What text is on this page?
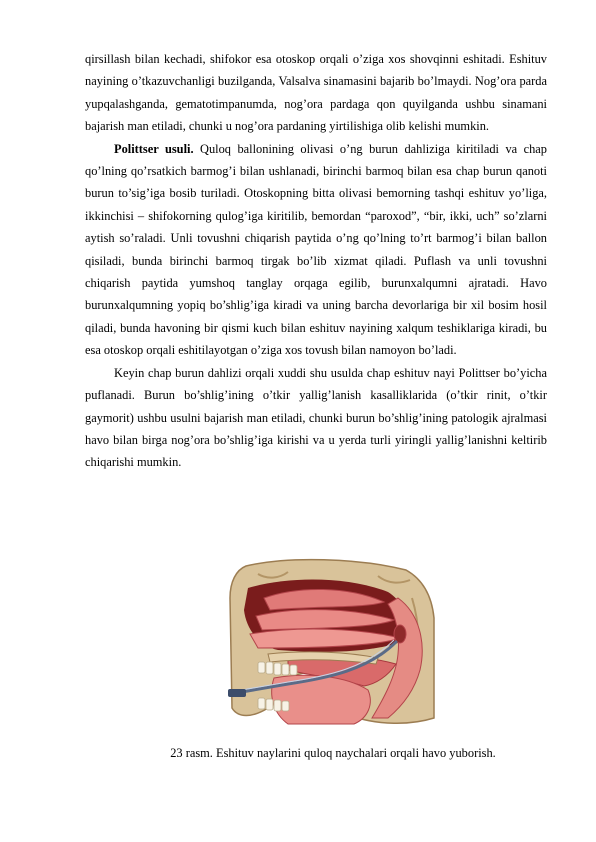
qirsillash bilan kechadi, shifokor esa otoskop orqali o’ziga xos shovqinni eshitadi. Eshituv nayining o’tkazuvchanligi buzilganda, Valsalva sinamasini bajarib bo’lmaydi. Nog’ora parda yupqalashganda, gematotimpanumda, nog’ora pardaga qon quyilganda ushbu sinamani bajarish man etiladi, chunki u nog’ora pardaning yirtilishiga olib kelishi mumkin.

Polittser usuli. Quloq ballonining olivasi o’ng burun dahliziga kiritiladi va chap qo’lning qo’rsatkich barmog’i bilan ushlanadi, birinchi barmoq bilan esa chap burun qanoti burun to’sig’iga bosib turiladi. Otoskopning bitta olivasi bemorning tashqi eshituv yo’liga, ikkinchisi – shifokorning qulog’iga kiritilib, bemordan “paroxod”, “bir, ikki, uch” so’zlarni aytish so’raladi. Unli tovushni chiqarish paytida o’ng qo’lning to’rt barmog’i bilan ballon qisiladi, bunda birinchi barmoq tirgak bo’lib xizmat qiladi. Puflash va unli tovushni chiqarish paytida yumshoq tanglay orqaga egilib, burunxalqumni ajratadi. Havo burunxalqumning yopiq bo’shlig’iga kiradi va uning barcha devorlariga bir xil bosim hosil qiladi, bunda havoning bir qismi kuch bilan eshituv nayining xalqum teshiklariga kiradi, bu esa otoskop orqali eshitilayotgan o’ziga xos tovush bilan namoyon bo’ladi.

Keyin chap burun dahlizi orqali xuddi shu usulda chap eshituv nayi Polittser bo’yicha puflanadi. Burun bo’shlig’ining o’tkir yallig’lanish kasalliklarida (o’tkir rinit, o’tkir gaymorit) ushbu usulni bajarish man etiladi, chunki burun bo’shlig’ining patologik ajralmasi havo bilan birga nog’ora bo’shlig’iga kirishi va u yerda turli yiringli yallig’lanishni keltirib chiqarishi mumkin.

23 rasm. Eshituv naylarini quloq naychalari orqali havo yuborish.
